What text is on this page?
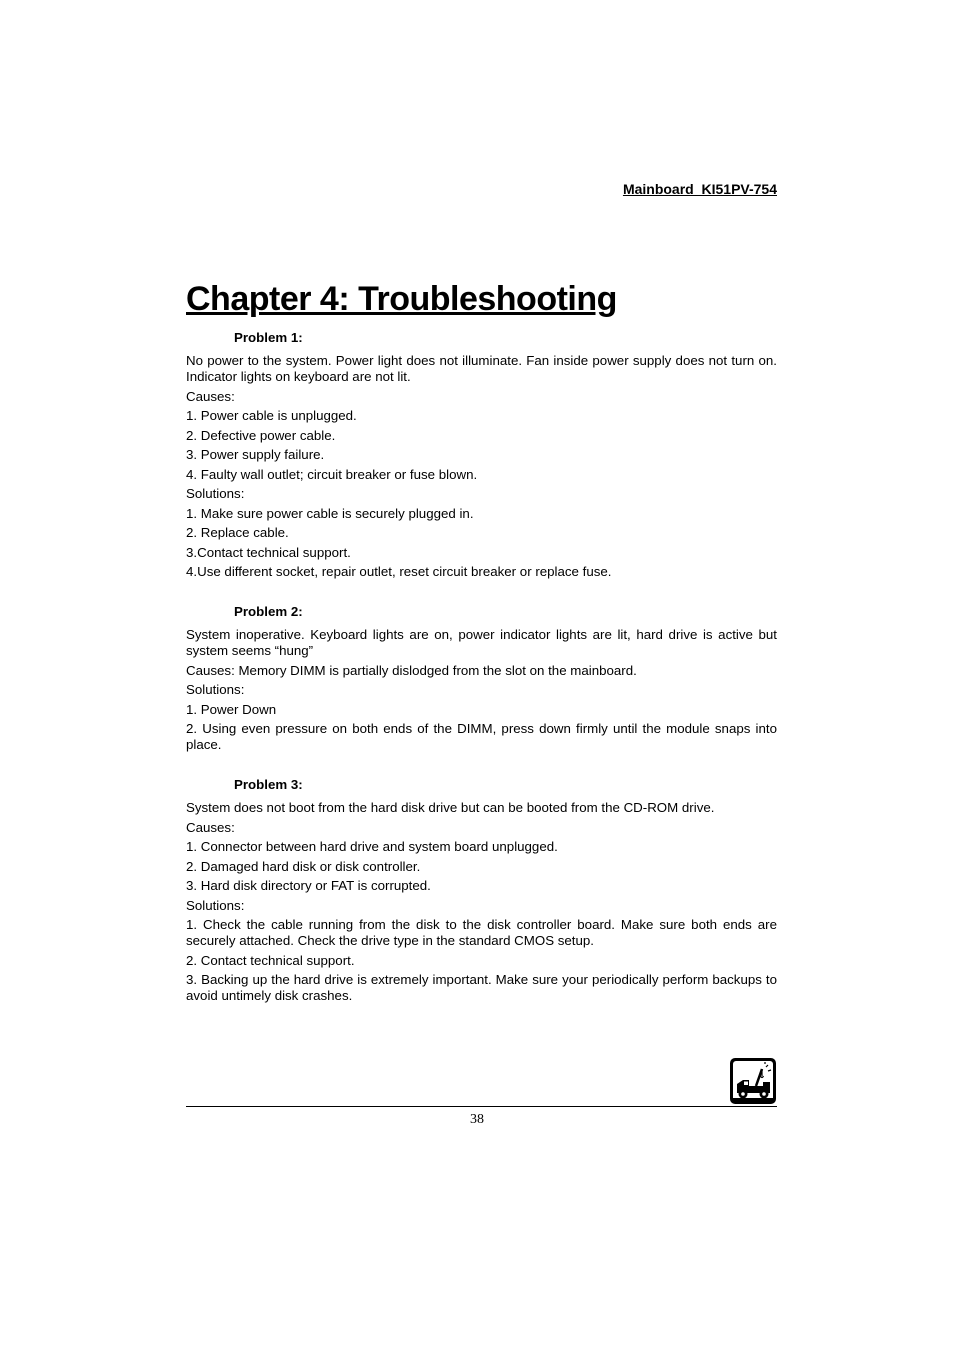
Mainboard  KI51PV-754
Chapter 4: Troubleshooting
Problem 1:

No power to the system. Power light does not illuminate. Fan inside power supply does not turn on. Indicator lights on keyboard are not lit.

Causes:

1. Power cable is unplugged.

2. Defective power cable.

3. Power supply failure.

4. Faulty wall outlet; circuit breaker or fuse blown.

Solutions:

1. Make sure power cable is securely plugged in.

2. Replace cable.

3.Contact technical support.

4.Use different socket, repair outlet, reset circuit breaker or replace fuse.

Problem 2:

System inoperative. Keyboard lights are on, power indicator lights are lit, hard drive is active but system seems “hung”

Causes: Memory DIMM is partially dislodged from the slot on the mainboard.

Solutions:

1. Power Down

2. Using even pressure on both ends of the DIMM, press down firmly until the module snaps into place.

Problem 3:

System does not boot from the hard disk drive but can be booted from the CD-ROM drive.

Causes:

1. Connector between hard drive and system board unplugged.

2. Damaged hard disk or disk controller.

3. Hard disk directory or FAT is corrupted.

Solutions:

1. Check the cable running from the disk to the disk controller board. Make sure both ends are securely attached. Check the drive type in the standard CMOS setup.

2. Contact technical support.

3. Backing up the hard drive is extremely important. Make sure your periodically perform backups to avoid untimely disk crashes.

38
